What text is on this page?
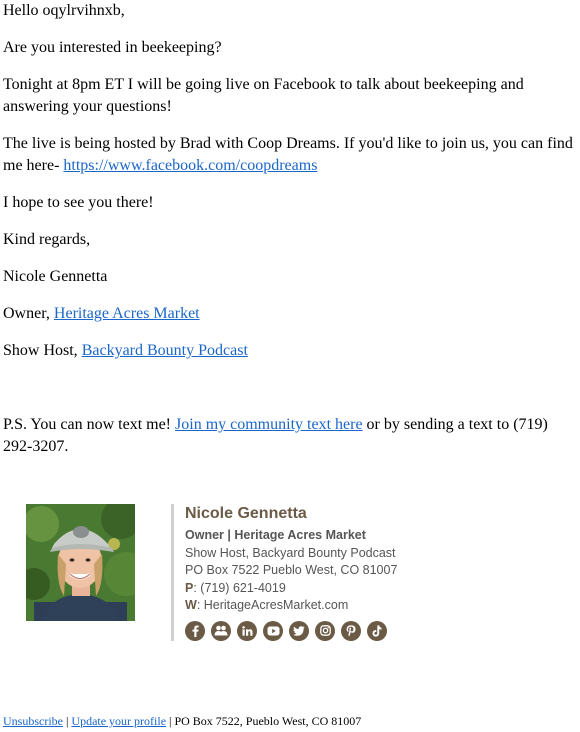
Hello oqylrvihnxb,

Are you interested in beekeeping?

Tonight at 8pm ET I will be going live on Facebook to talk about beekeeping and answering your questions!

The live is being hosted by Brad with Coop Dreams. If you'd like to join us, you can find me here- https://www.facebook.com/coopdreams

I hope to see you there!

Kind regards,

Nicole Gennetta

Owner, Heritage Acres Market

Show Host, Backyard Bounty Podcast

P.S. You can now text me! Join my community text here or by sending a text to (719) 292-3207.

Nicole Gennetta
Owner | Heritage Acres Market
Show Host, Backyard Bounty Podcast
PO Box 7522 Pueblo West, CO 81007
P: (719) 621-4019
W: HeritageAcresMarket.com
Unsubscribe | Update your profile | PO Box 7522, Pueblo West, CO 81007
